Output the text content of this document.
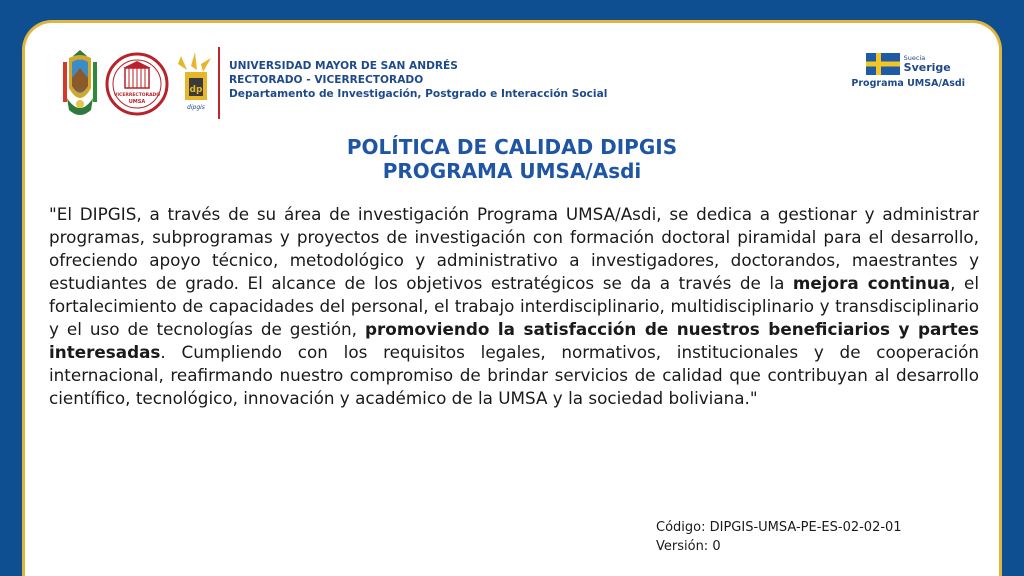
VICERRECTORADO
UMSA
dp
dipgis
UNIVERSIDAD MAYOR DE SAN ANDRÉS
RECTORADO - VICERRECTORADO
Departamento de Investigación, Postgrado e Interacción Social
Suecia
Sverige
Programa UMSA/Asdi
POLÍTICA DE CALIDAD DIPGIS
PROGRAMA UMSA/Asdi
"El DIPGIS, a través de su área de investigación Programa UMSA/Asdi, se dedica a gestionar y administrar programas, subprogramas y proyectos de investigación con formación doctoral piramidal para el desarrollo, ofreciendo apoyo técnico, metodológico y administrativo a investigadores, doctorandos, maestrantes y estudiantes de grado. El alcance de los objetivos estratégicos se da a través de la mejora continua, el fortalecimiento de capacidades del personal, el trabajo interdisciplinario, multidisciplinario y transdisciplinario y el uso de tecnologías de gestión, promoviendo la satisfacción de nuestros beneficiarios y partes interesadas. Cumpliendo con los requisitos legales, normativos, institucionales y de cooperación internacional, reafirmando nuestro compromiso de brindar servicios de calidad que contribuyan al desarrollo científico, tecnológico, innovación y académico de la UMSA y la sociedad boliviana."
Código: DIPGIS-UMSA-PE-ES-02-02-01
Versión: 0
